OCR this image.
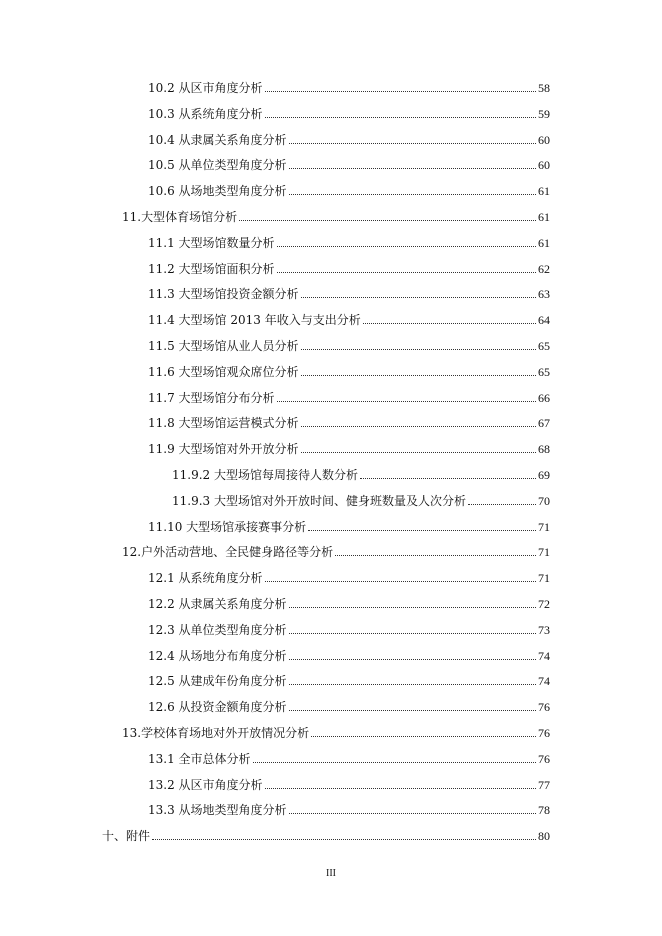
10.2 从区市角度分析	58
10.3 从系统角度分析	59
10.4 从隶属关系角度分析	60
10.5 从单位类型角度分析	60
10.6 从场地类型角度分析	61
11.大型体育场馆分析	61
11.1 大型场馆数量分析	61
11.2 大型场馆面积分析	62
11.3 大型场馆投资金额分析	63
11.4 大型场馆 2013 年收入与支出分析	64
11.5 大型场馆从业人员分析	65
11.6 大型场馆观众席位分析	65
11.7 大型场馆分布分析	66
11.8 大型场馆运营模式分析	67
11.9 大型场馆对外开放分析	68
11.9.2 大型场馆每周接待人数分析	69
11.9.3 大型场馆对外开放时间、健身班数量及人次分析	70
11.10 大型场馆承接赛事分析	71
12.户外活动营地、全民健身路径等分析	71
12.1 从系统角度分析	71
12.2 从隶属关系角度分析	72
12.3 从单位类型角度分析	73
12.4 从场地分布角度分析	74
12.5 从建成年份角度分析	74
12.6 从投资金额角度分析	76
13.学校体育场地对外开放情况分析	76
13.1 全市总体分析	76
13.2 从区市角度分析	77
13.3 从场地类型角度分析	78
十、附件	80
III
